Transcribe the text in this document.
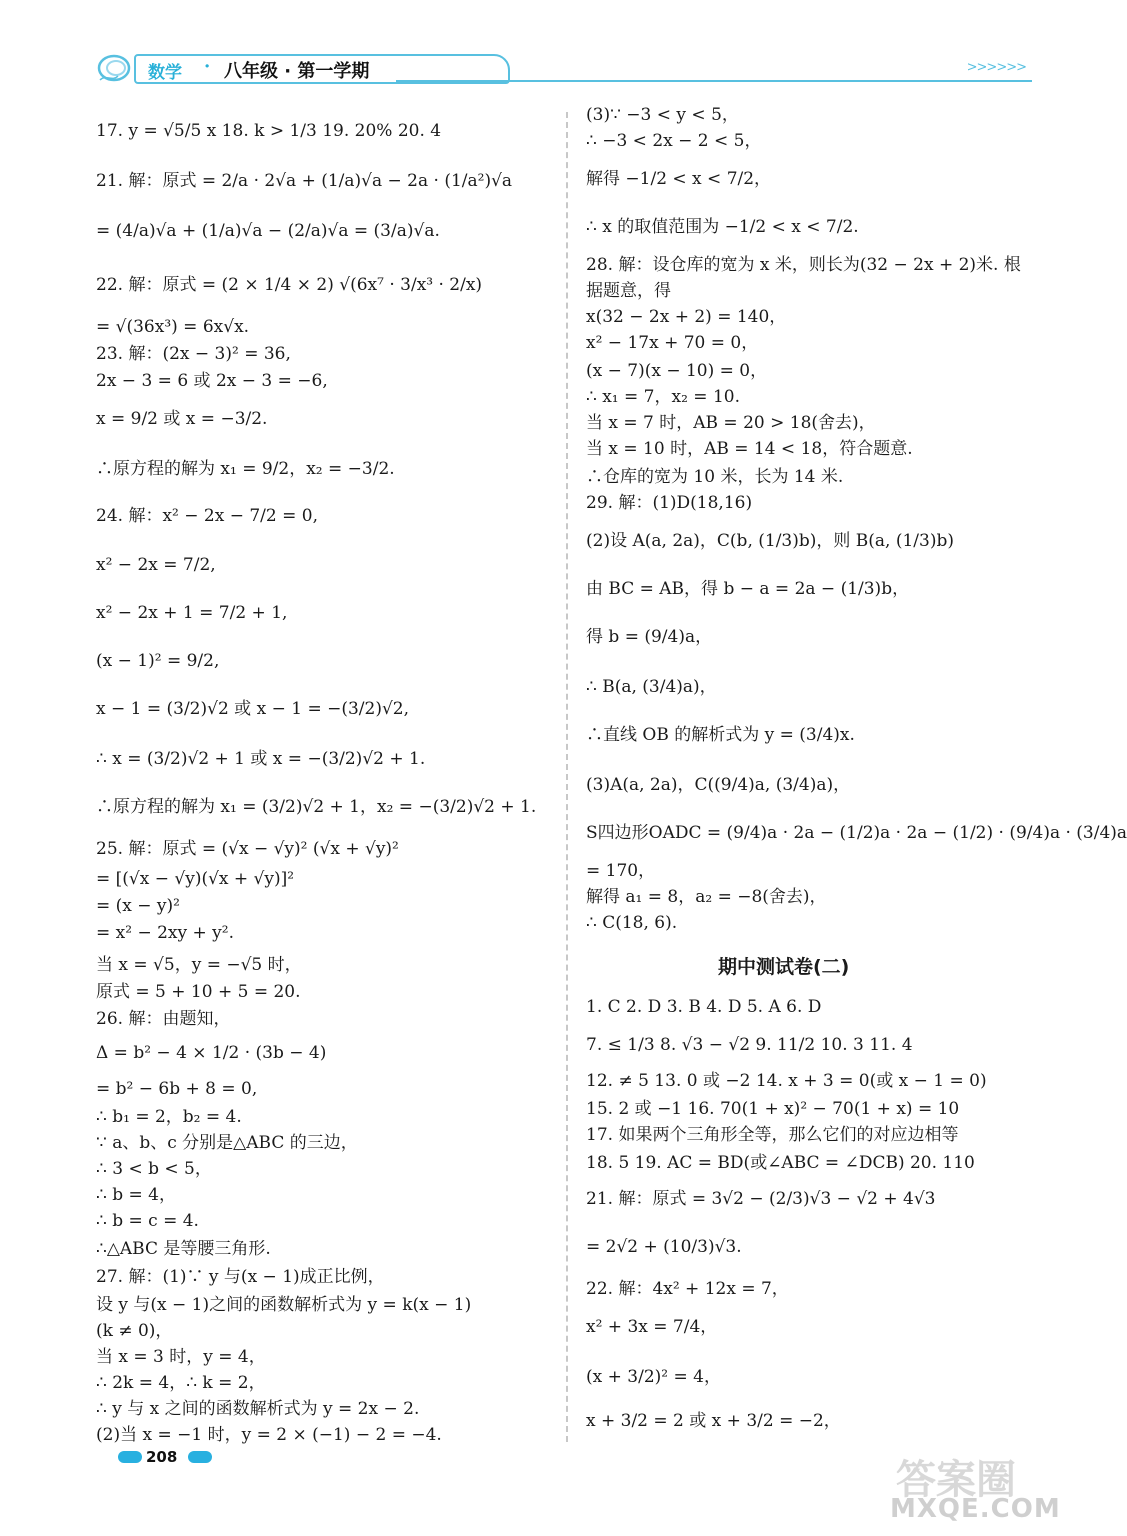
数学 · 八年级 · 第一学期	>>>>>>
17. y = √5/5 x 18. k > 1/3 19. 20% 20. 4
21. 解：原式 = 2/a · 2√a + (1/a)√a − 2a · (1/a²)√a
= (4/a)√a + (1/a)√a − (2/a)√a = (3/a)√a.
22. 解：原式 = (2 × 1/4 × 2) √(6x⁷ · 3/x³ · 2/x)
= √(36x³) = 6x√x.
23. 解：(2x − 3)² = 36,
2x − 3 = 6 或 2x − 3 = −6,
x = 9/2 或 x = −3/2.
∴原方程的解为 x₁ = 9/2，x₂ = −3/2.
24. 解：x² − 2x − 7/2 = 0,
x² − 2x = 7/2,
x² − 2x + 1 = 7/2 + 1,
(x − 1)² = 9/2,
x − 1 = (3/2)√2 或 x − 1 = −(3/2)√2,
∴ x = (3/2)√2 + 1 或 x = −(3/2)√2 + 1.
∴原方程的解为 x₁ = (3/2)√2 + 1，x₂ = −(3/2)√2 + 1.
25. 解：原式 = (√x − √y)² (√x + √y)²
= [(√x − √y)(√x + √y)]²
= (x − y)²
= x² − 2xy + y².
当 x = √5，y = −√5 时，
原式 = 5 + 10 + 5 = 20.
26. 解：由题知，
Δ = b² − 4 × 1/2 · (3b − 4)
= b² − 6b + 8 = 0,
∴ b₁ = 2，b₂ = 4.
∵ a、b、c 分别是△ABC 的三边，
∴ 3 < b < 5，
∴ b = 4，
∴ b = c = 4.
∴△ABC 是等腰三角形.
27. 解：(1)∵ y 与(x − 1)成正比例，
设 y 与(x − 1)之间的函数解析式为 y = k(x − 1)
(k ≠ 0)，
当 x = 3 时，y = 4，
∴ 2k = 4，∴ k = 2，
∴ y 与 x 之间的函数解析式为 y = 2x − 2.
(2)当 x = −1 时，y = 2 × (−1) − 2 = −4.
(3)∵ −3 < y < 5，
∴ −3 < 2x − 2 < 5，
解得 −1/2 < x < 7/2，
∴ x 的取值范围为 −1/2 < x < 7/2.
28. 解：设仓库的宽为 x 米，则长为(32 − 2x + 2)米. 根
据题意，得
x(32 − 2x + 2) = 140，
x² − 17x + 70 = 0，
(x − 7)(x − 10) = 0，
∴ x₁ = 7，x₂ = 10.
当 x = 7 时，AB = 20 > 18(舍去)，
当 x = 10 时，AB = 14 < 18，符合题意.
∴仓库的宽为 10 米，长为 14 米.
29. 解：(1)D(18,16)
(2)设 A(a, 2a)，C(b, (1/3)b)，则 B(a, (1/3)b)
由 BC = AB，得 b − a = 2a − (1/3)b，
得 b = (9/4)a，
∴ B(a, (3/4)a)，
∴直线 OB 的解析式为 y = (3/4)x.
(3)A(a, 2a)，C((9/4)a, (3/4)a)，
S四边形OADC = (9/4)a · 2a − (1/2)a · 2a − (1/2) · (9/4)a · (3/4)a
= 170，
解得 a₁ = 8，a₂ = −8(舍去)，
∴ C(18, 6).
期中测试卷(二)
1. C 2. D 3. B 4. D 5. A 6. D
7. ≤ 1/3 8. √3 − √2 9. 11/2 10. 3 11. 4
12. ≠ 5 13. 0 或 −2 14. x + 3 = 0(或 x − 1 = 0)
15. 2 或 −1 16. 70(1 + x)² − 70(1 + x) = 10
17. 如果两个三角形全等，那么它们的对应边相等
18. 5 19. AC = BD(或∠ABC = ∠DCB) 20. 110
21. 解：原式 = 3√2 − (2/3)√3 − √2 + 4√3
= 2√2 + (10/3)√3.
22. 解：4x² + 12x = 7，
x² + 3x = 7/4，
(x + 3/2)² = 4，
x + 3/2 = 2 或 x + 3/2 = −2，
208	答案圈
MXQE.COM
